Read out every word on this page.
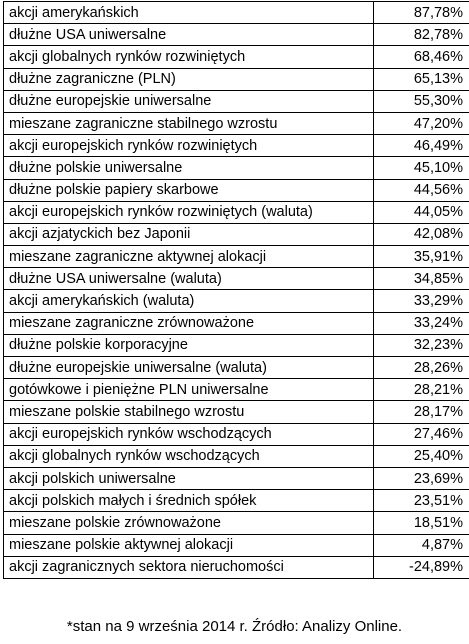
akcji amerykańskich	87,78%
dłużne USA uniwersalne	82,78%
akcji globalnych rynków rozwiniętych	68,46%
dłużne zagraniczne (PLN)	65,13%
dłużne europejskie uniwersalne	55,30%
mieszane zagraniczne stabilnego wzrostu	47,20%
akcji europejskich rynków rozwiniętych	46,49%
dłużne polskie uniwersalne	45,10%
dłużne polskie papiery skarbowe	44,56%
akcji europejskich rynków rozwiniętych (waluta)	44,05%
akcji azjatyckich bez Japonii	42,08%
mieszane zagraniczne aktywnej alokacji	35,91%
dłużne USA uniwersalne (waluta)	34,85%
akcji amerykańskich (waluta)	33,29%
mieszane zagraniczne zrównoważone	33,24%
dłużne polskie korporacyjne	32,23%
dłużne europejskie uniwersalne (waluta)	28,26%
gotówkowe i pieniężne PLN uniwersalne	28,21%
mieszane polskie stabilnego wzrostu	28,17%
akcji europejskich rynków wschodzących	27,46%
akcji globalnych rynków wschodzących	25,40%
akcji polskich uniwersalne	23,69%
akcji polskich małych i średnich spółek	23,51%
mieszane polskie zrównoważone	18,51%
mieszane polskie aktywnej alokacji	4,87%
akcji zagranicznych sektora nieruchomości	-24,89%
*stan na 9 września 2014 r. Źródło: Analizy Online.
